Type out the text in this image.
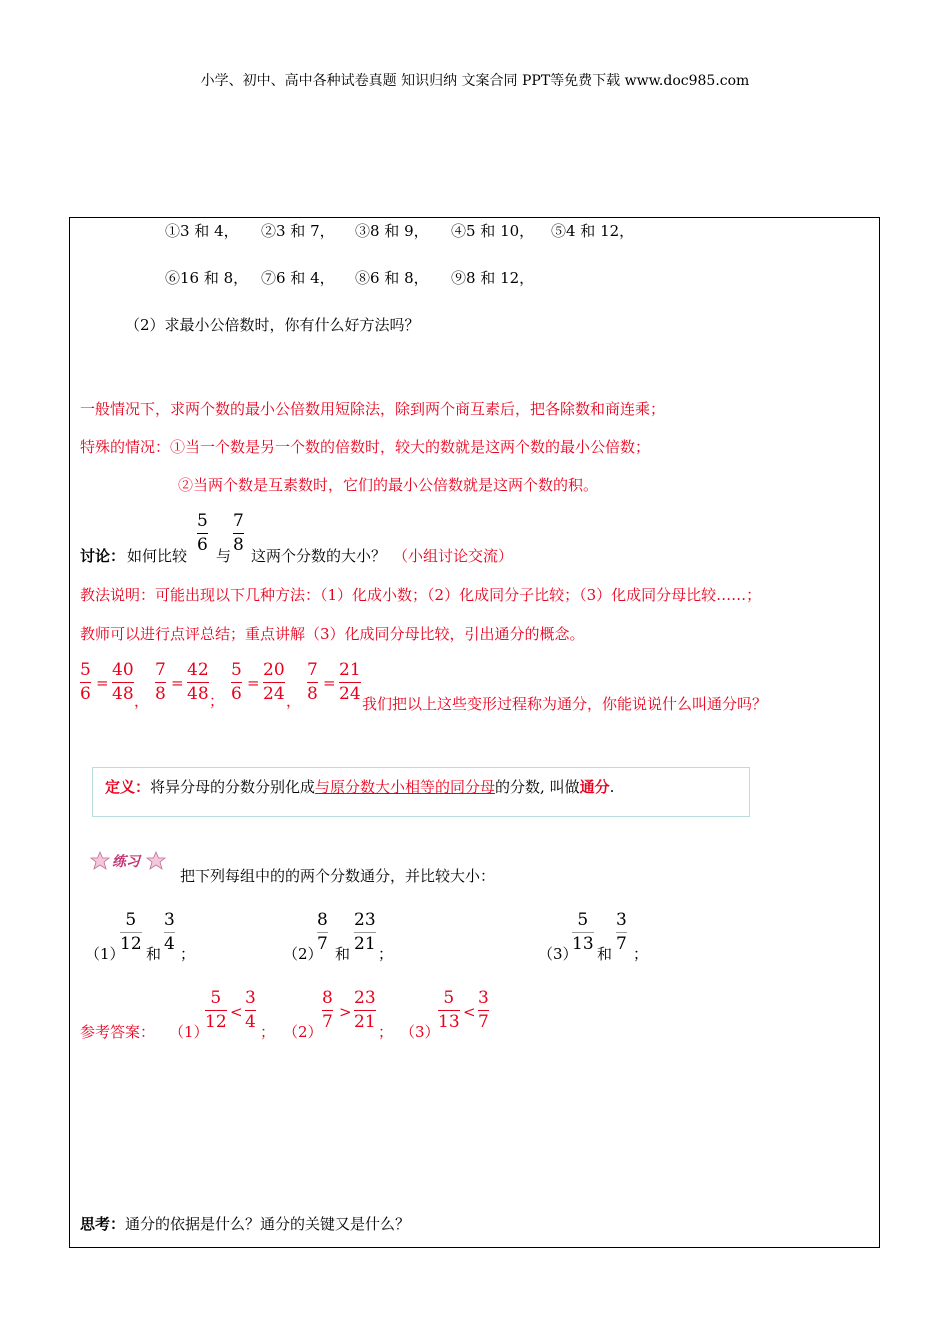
小学、初中、高中各种试卷真题 知识归纳 文案合同 PPT等免费下载 www.doc985.com
①3 和 4， ②3 和 7， ③8 和 9， ④5 和 10， ⑤4 和 12，
⑥16 和 8， ⑦6 和 4， ⑧6 和 8， ⑨8 和 12，
（2）求最小公倍数时，你有什么好方法吗？
一般情况下，求两个数的最小公倍数用短除法，除到两个商互素后，把各除数和商连乘；
特殊的情况：①当一个数是另一个数的倍数时，较大的数就是这两个数的最小公倍数；
②当两个数是互素数时，它们的最小公倍数就是这两个数的积。
讨论： 如何比较
5
6
与
7
8
这两个分数的大小？ （小组讨论交流）
教法说明：可能出现以下几种方法：（1）化成小数；（2）化成同分子比较；（3）化成同分母比较……；
教师可以进行点评总结；重点讲解（3）化成同分母比较，引出通分的概念。
5
6
=
40
48 ，
7
8
=
42
48 ；
5
6
=
20
24 ，
7
8
=
21
24 我们把以上这些变形过程称为通分，你能说说什么叫通分吗？
定义：将异分母的分数分别化成与原分数大小相等的同分母的分数, 叫做通分.
练习
把下列每组中的的两个分数通分，并比较大小：
（1）
5
12 和
3
4 ；	（2）
8
7 和
23
21 ；	（3）
5
13 和
3
7 ；
参考答案： （1）
5
12 <
3
4 ； （2）
8
7 >
23
21 ； （3）
5
13 <
3
7
思考：通分的依据是什么？通分的关键又是什么？
